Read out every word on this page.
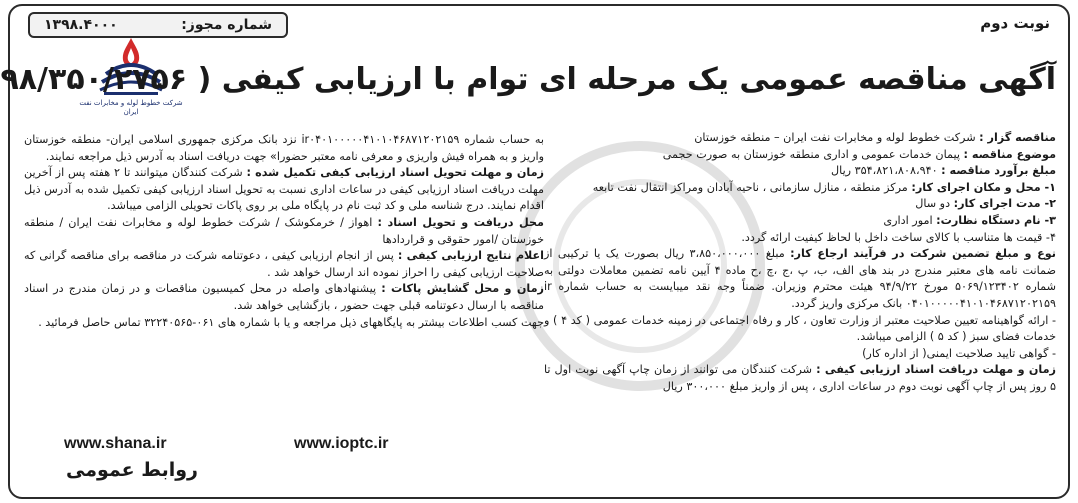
شماره مجوز:
۱۳۹۸.۴۰۰۰	نوبت دوم
شرکت خطوط لوله و مخابرات نفت ایران
آگهی مناقصه عمومی یک مرحله ای توام با ارزیابی کیفی ( ۹۸/۳۵۰/۲۷۵۶

مناقصه گزار : شرکت خطوط لوله و مخابرات نفت ایران – منطقه خوزستان

موضوع مناقصه : پیمان خدمات عمومی و اداری منطقه خوزستان به صورت حجمی

مبلغ برآورد مناقصه : ۳۵۴،۸۲۱،۸۰۸،۹۴۰ ریال

۱- محل و مکان اجرای کار: مرکز منطقه ، منازل سازمانی ، ناحیه آبادان ومراکز انتقال نفت تابعه

۲- مدت اجرای کار: دو سال

۳- نام دستگاه نظارت: امور اداری

۴- قیمت ها متناسب با کالای ساخت داخل با لحاظ کیفیت ارائه گردد.

نوع و مبلغ تضمین شرکت در فرآیند ارجاع کار: مبلغ ۳،۸۵۰،۰۰۰،۰۰۰ ریال بصورت یک یا ترکیبی از ضمانت نامه های معتبر مندرج در بند های الف، ب، پ ،ج ،چ ،ح ماده ۴ آیین نامه تضمین معاملات دولتی به شماره ۵۰۶۹/۱۲۳۴۰۲ مورخ ۹۴/۹/۲۲ هیئت محترم وزیران. ضمناً وجه نقد میبایست به حساب شماره ir ۰۴۰۱۰۰۰۰۰۴۱۰۱۰۴۶۸۷۱۲۰۲۱۵۹ بانک مرکزی واریز گردد.

- ارائه گواهینامه تعیین صلاحیت معتبر از وزارت تعاون ، کار و رفاه اجتماعی در زمینه خدمات عمومی ( کد ۴ ) و خدمات فضای سبز ( کد ۵ ) الزامی میباشد.

- گواهی تایید صلاحیت ایمنی( از اداره کار)

زمان و مهلت دریافت اسناد ارزیابی کیفی : شرکت کنندگان می توانند از زمان چاپ آگهی نوبت اول تا ۵ روز پس از چاپ آگهی نوبت دوم در ساعات اداری ، پس از واریز مبلغ ۳۰۰،۰۰۰ ریال

به حساب شماره ir۰۴۰۱۰۰۰۰۰۴۱۰۱۰۴۶۸۷۱۲۰۲۱۵۹ نزد بانک مرکزی جمهوری اسلامی ایران- منطقه خوزستان واریز و به همراه فیش واریزی و معرفی نامه معتبر حضورا» جهت دریافت اسناد به آدرس ذیل مراجعه نمایند.

زمان و مهلت تحویل اسناد ارزیابی کیفی تکمیل شده : شرکت کنندگان میتوانند تا ۲ هفته پس از آخرین مهلت دریافت اسناد ارزیابی کیفی در ساعات اداری نسبت به تحویل اسناد ارزیابی کیفی تکمیل شده به آدرس ذیل اقدام نمایند. درج شناسه ملی و کد ثبت نام در پایگاه ملی بر روی پاکات تحویلی الزامی میباشد.

محل دریافت و تحویل اسناد : اهواز / خرمکوشک / شرکت خطوط لوله و مخابرات نفت ایران / منطقه خوزستان /امور حقوقی و قراردادها

اعلام نتایج ارزیابی کیفی : پس از انجام ارزیابی کیفی ، دعوتنامه شرکت در مناقصه برای مناقصه گرانی که صلاحیت ارزیابی کیفی را احراز نموده اند ارسال خواهد شد .

زمان و محل گشایش پاکات : پیشنهادهای واصله در محل کمیسیون مناقصات و در زمان مندرج در اسناد مناقصه با ارسال دعوتنامه قبلی جهت حضور ، بازگشایی خواهد شد.

جهت کسب اطلاعات بیشتر به پایگاههای ذیل مراجعه و یا با شماره های ۰۶۱-۳۲۲۴۰۵۶۵ تماس حاصل فرمائید .

www.shana.ir	www.ioptc.ir
روابط عمومی
